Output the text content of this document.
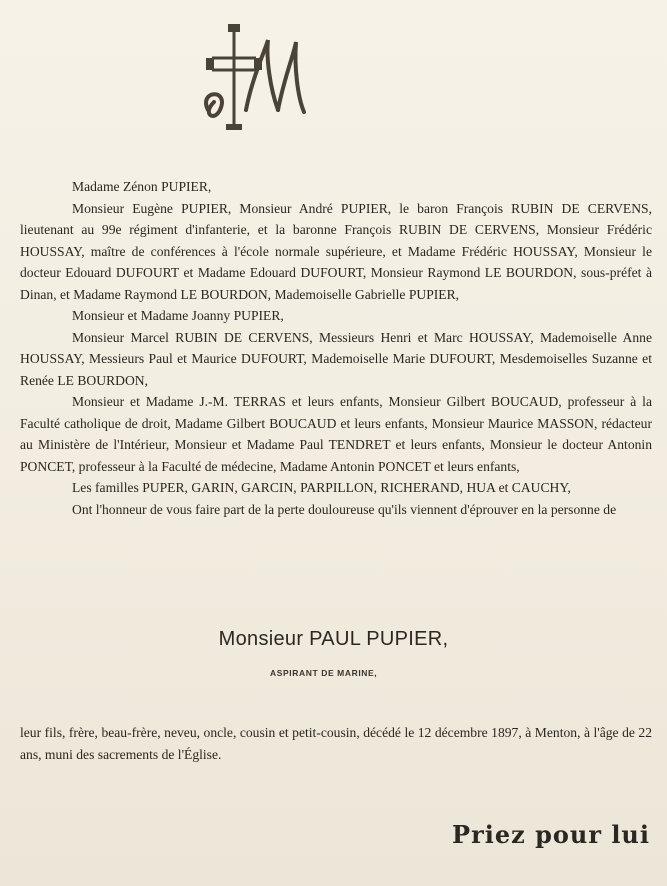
Madame Zénon PUPIER,
Monsieur Eugène PUPIER, Monsieur André PUPIER, le baron François RUBIN DE CERVENS, lieutenant au 99e régiment d'infanterie, et la baronne François RUBIN DE CERVENS, Monsieur Frédéric HOUSSAY, maître de conférences à l'école normale supérieure, et Madame Frédéric HOUSSAY, Monsieur le docteur Edouard DUFOURT et Madame Edouard DUFOURT, Monsieur Raymond LE BOURDON, sous-préfet à Dinan, et Madame Raymond LE BOURDON, Mademoiselle Gabrielle PUPIER,
Monsieur et Madame Joanny PUPIER,
Monsieur Marcel RUBIN DE CERVENS, Messieurs Henri et Marc HOUSSAY, Mademoiselle Anne HOUSSAY, Messieurs Paul et Maurice DUFOURT, Mademoiselle Marie DUFOURT, Mesdemoiselles Suzanne et Renée LE BOURDON,
Monsieur et Madame J.-M. TERRAS et leurs enfants, Monsieur Gilbert BOUCAUD, professeur à la Faculté catholique de droit, Madame Gilbert BOUCAUD et leurs enfants, Monsieur Maurice MASSON, rédacteur au Ministère de l'Intérieur, Monsieur et Madame Paul TENDRET et leurs enfants, Monsieur le docteur Antonin PONCET, professeur à la Faculté de médecine, Madame Antonin PONCET et leurs enfants,
Les familles PUPER, GARIN, GARCIN, PARPILLON, RICHERAND, HUA et CAUCHY,
Ont l'honneur de vous faire part de la perte douloureuse qu'ils viennent d'éprouver en la personne de
Monsieur PAUL PUPIER,
ASPIRANT DE MARINE,
leur fils, frère, beau-frère, neveu, oncle, cousin et petit-cousin, décédé le 12 décembre 1897, à Menton, à l'âge de 22 ans, muni des sacrements de l'Église.
Priez pour lui
